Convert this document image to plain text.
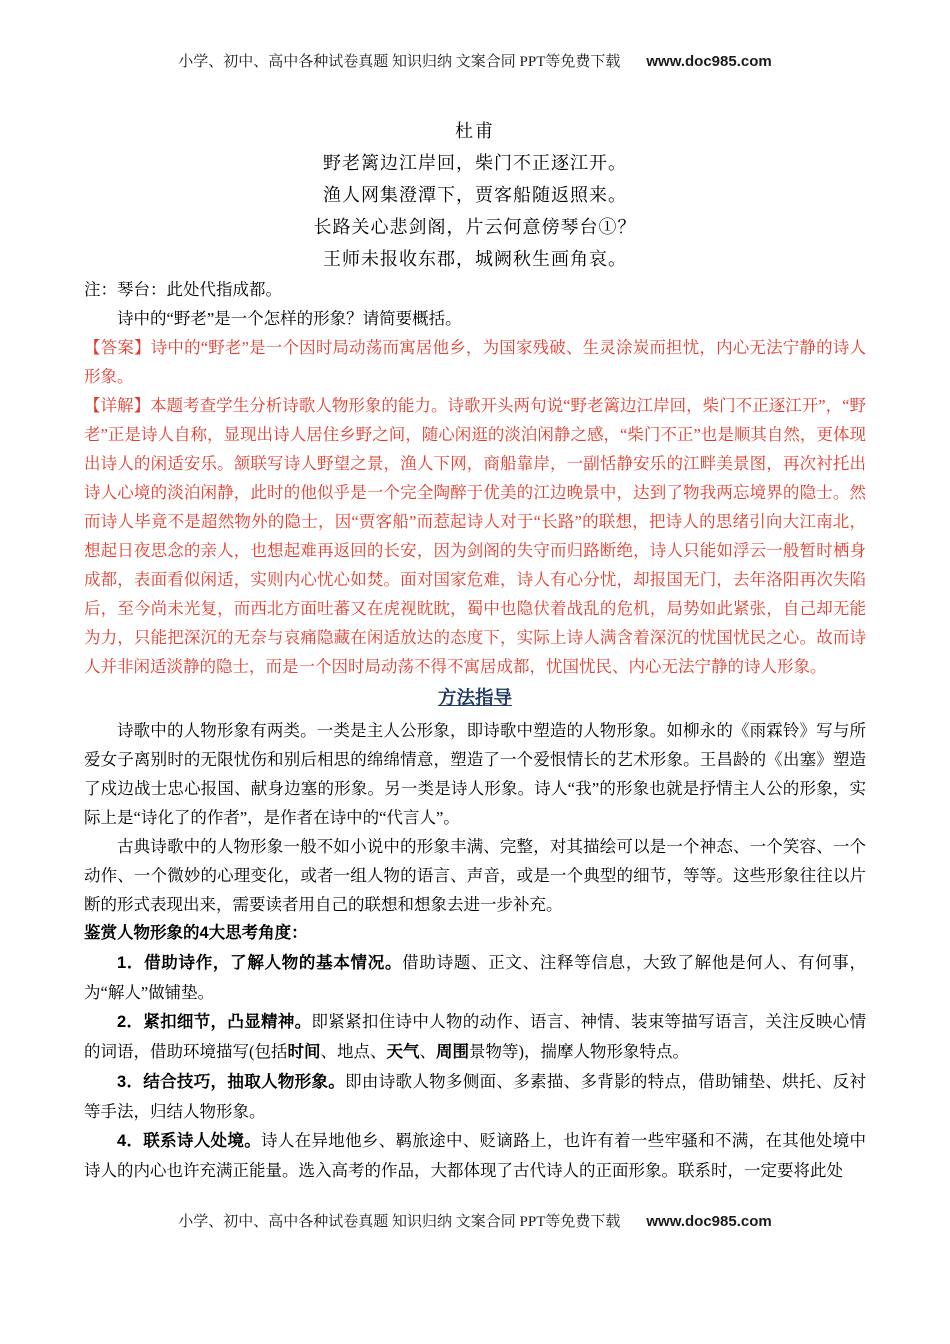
小学、初中、高中各种试卷真题 知识归纳 文案合同 PPT等免费下载 www.doc985.com
杜甫
野老篱边江岸回，柴门不正逐江开。
渔人网集澄潭下，贾客船随返照来。
长路关心悲剑阁，片云何意傍琴台①？
王师未报收东郡，城阙秋生画角哀。

注：琴台：此处代指成都。

诗中的“野老”是一个怎样的形象？请简要概括。

【答案】诗中的“野老”是一个因时局动荡而寓居他乡，为国家残破、生灵涂炭而担忧，内心无法宁静的诗人形象。

【详解】本题考查学生分析诗歌人物形象的能力。诗歌开头两句说“野老篱边江岸回，柴门不正逐江开”，“野老”正是诗人自称，显现出诗人居住乡野之间，随心闲逛的淡泊闲静之感，“柴门不正”也是顺其自然，更体现出诗人的闲适安乐。颔联写诗人野望之景，渔人下网，商船靠岸，一副恬静安乐的江畔美景图，再次衬托出诗人心境的淡泊闲静，此时的他似乎是一个完全陶醉于优美的江边晚景中，达到了物我两忘境界的隐士。然而诗人毕竟不是超然物外的隐士，因“贾客船”而惹起诗人对于“长路”的联想，把诗人的思绪引向大江南北，想起日夜思念的亲人，也想起难再返回的长安，因为剑阁的失守而归路断绝，诗人只能如浮云一般暂时栖身成都，表面看似闲适，实则内心忧心如焚。面对国家危难，诗人有心分忧，却报国无门，去年洛阳再次失陷后，至今尚未光复，而西北方面吐蕃又在虎视眈眈，蜀中也隐伏着战乱的危机，局势如此紧张，自己却无能为力，只能把深沉的无奈与哀痛隐藏在闲适放达的态度下，实际上诗人满含着深沉的忧国忧民之心。故而诗人并非闲适淡静的隐士，而是一个因时局动荡不得不寓居成都，忧国忧民、内心无法宁静的诗人形象。

方法指导

诗歌中的人物形象有两类。一类是主人公形象，即诗歌中塑造的人物形象。如柳永的《雨霖铃》写与所爱女子离别时的无限忧伤和别后相思的绵绵情意，塑造了一个爱恨情长的艺术形象。王昌龄的《出塞》塑造了戍边战士忠心报国、献身边塞的形象。另一类是诗人形象。诗人“我”的形象也就是抒情主人公的形象，实际上是“诗化了的作者”，是作者在诗中的“代言人”。

古典诗歌中的人物形象一般不如小说中的形象丰满、完整，对其描绘可以是一个神态、一个笑容、一个动作、一个微妙的心理变化，或者一组人物的语言、声音，或是一个典型的细节，等等。这些形象往往以片断的形式表现出来，需要读者用自己的联想和想象去进一步补充。

鉴赏人物形象的4大思考角度：

1．借助诗作，了解人物的基本情况。借助诗题、正文、注释等信息，大致了解他是何人、有何事，为“解人”做铺垫。

2．紧扣细节，凸显精神。即紧紧扣住诗中人物的动作、语言、神情、装束等描写语言，关注反映心情的词语，借助环境描写(包括时间、地点、天气、周围景物等)，揣摩人物形象特点。

3．结合技巧，抽取人物形象。即由诗歌人物多侧面、多素描、多背影的特点，借助铺垫、烘托、反衬等手法，归结人物形象。

4．联系诗人处境。诗人在异地他乡、羁旅途中、贬谪路上，也许有着一些牢骚和不满，在其他处境中诗人的内心也许充满正能量。选入高考的作品，大都体现了古代诗人的正面形象。联系时，一定要将此处

小学、初中、高中各种试卷真题 知识归纳 文案合同 PPT等免费下载 www.doc985.com
